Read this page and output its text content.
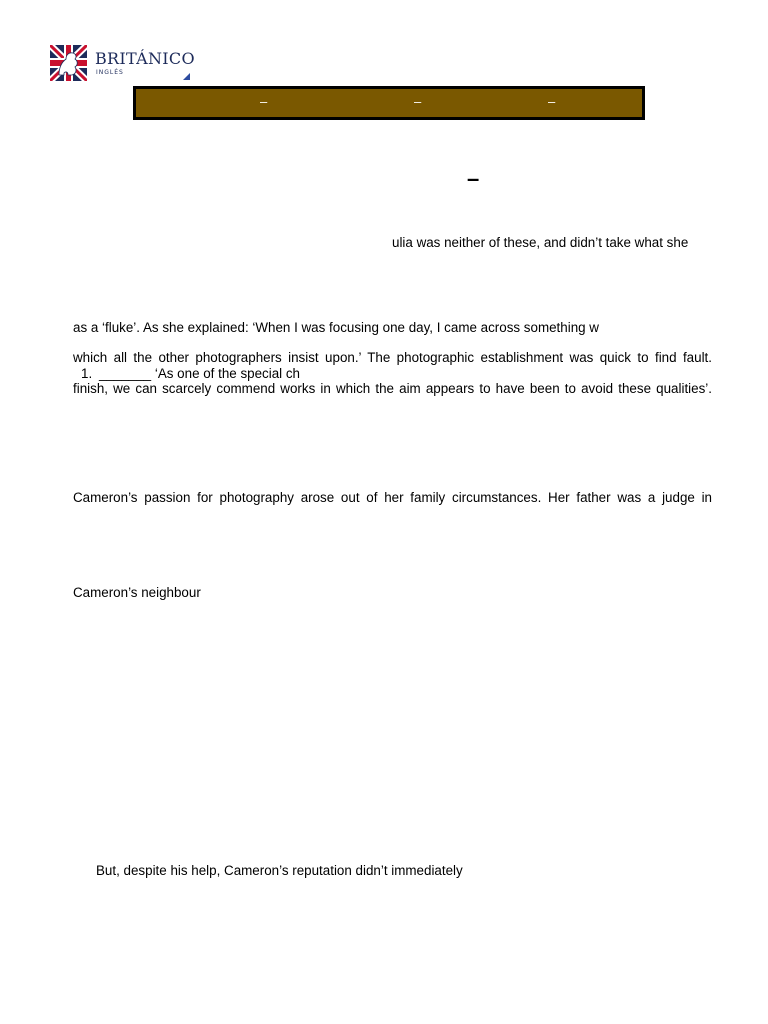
BRITÁNICO
INGLÉS
–	–	–
–
ulia was neither of these, and didn’t take what she
as a ‘fluke’. As she explained: ‘When I was focusing one day, I came across something w
which all the other photographers insist upon.’ The photographic establishment was quick to find fault.
1. _______ ‘As one of the special ch
finish, we can scarcely commend works in which the aim appears to have been to avoid these qualities’.
Cameron’s passion for photography arose out of her family circumstances. Her father was a judge in
Cameron’s neighbour
But, despite his help, Cameron’s reputation didn’t immediately
